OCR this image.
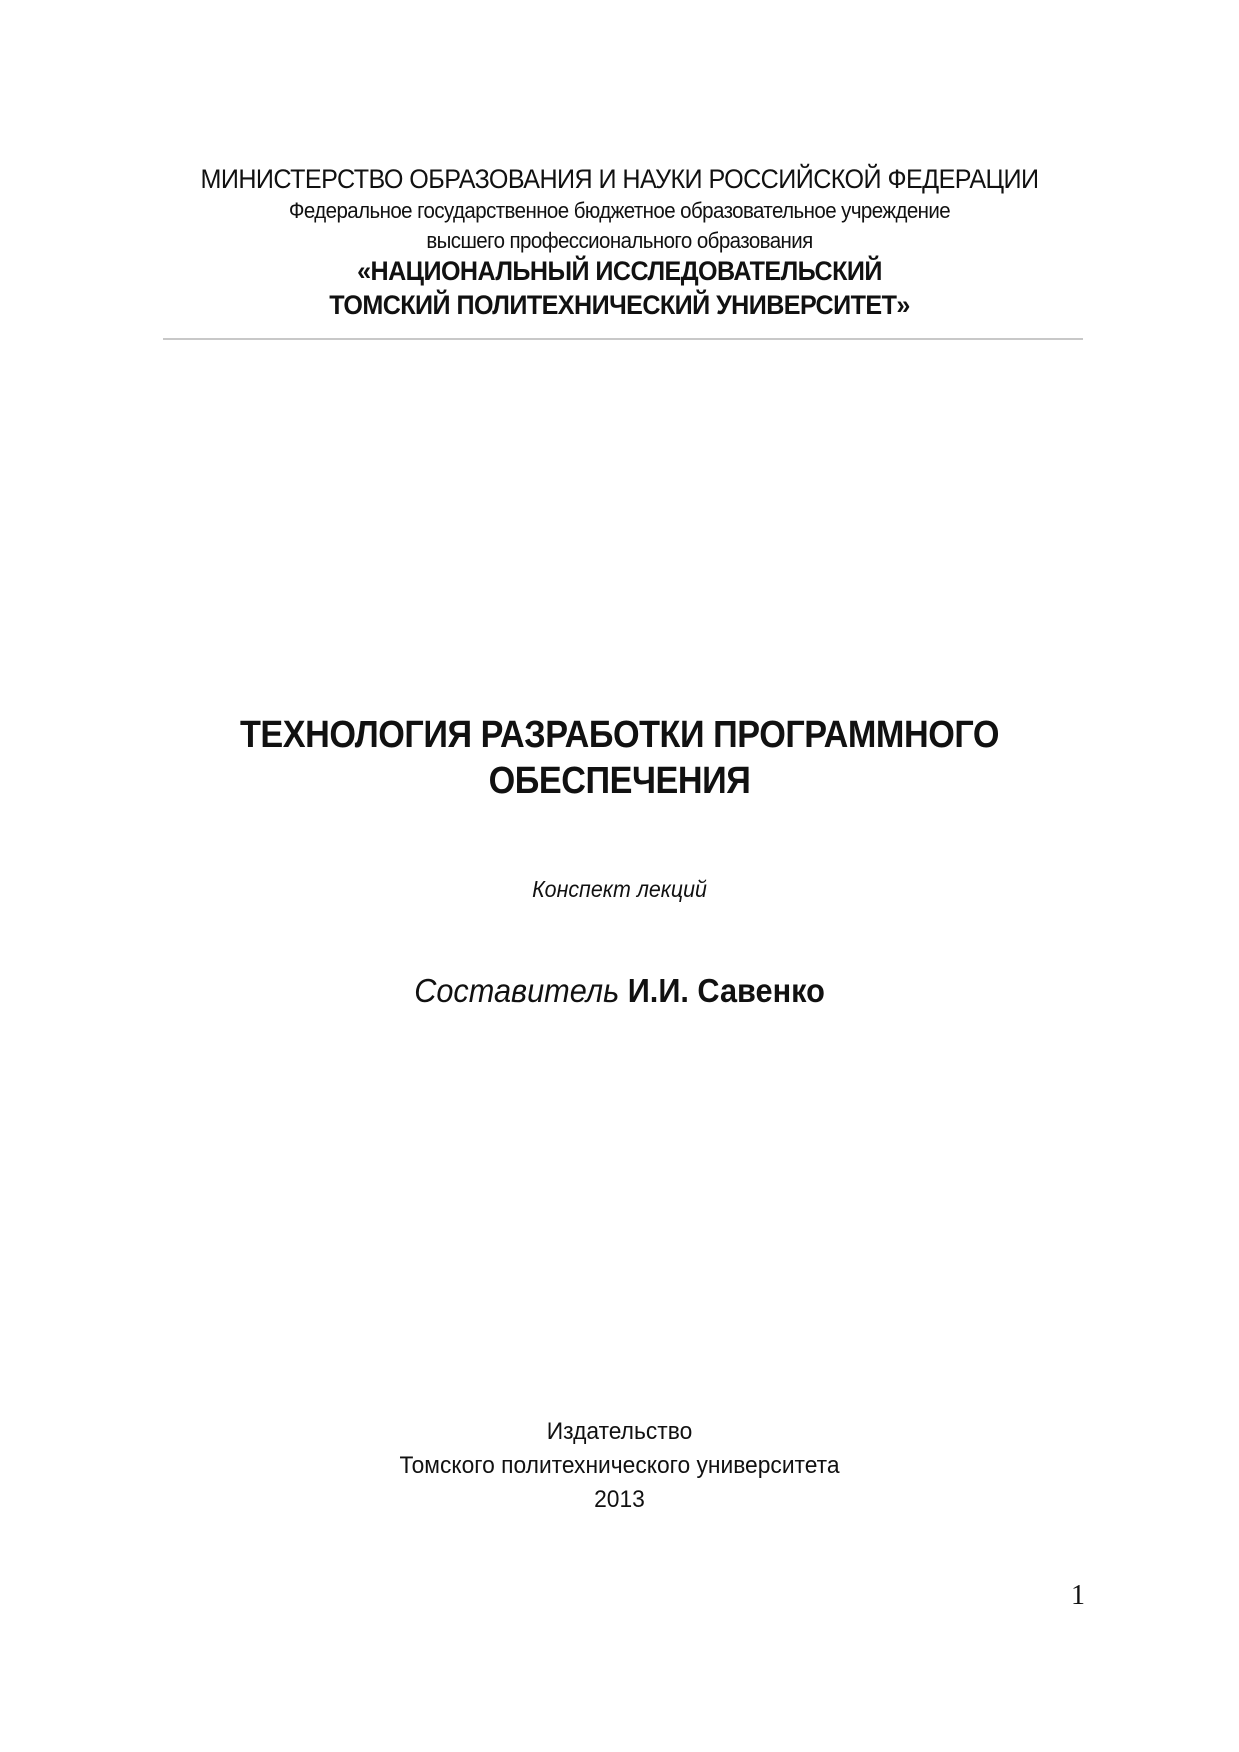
МИНИСТЕРСТВО ОБРАЗОВАНИЯ И НАУКИ РОССИЙСКОЙ ФЕДЕРАЦИИ
Федеральное государственное бюджетное образовательное учреждение
высшего профессионального образования
«НАЦИОНАЛЬНЫЙ ИССЛЕДОВАТЕЛЬСКИЙ
ТОМСКИЙ ПОЛИТЕХНИЧЕСКИЙ УНИВЕРСИТЕТ»
ТЕХНОЛОГИЯ РАЗРАБОТКИ ПРОГРАММНОГО
ОБЕСПЕЧЕНИЯ
Конспект лекций
Составитель И.И. Савенко
Издательство
Томского политехнического университета
2013
1
